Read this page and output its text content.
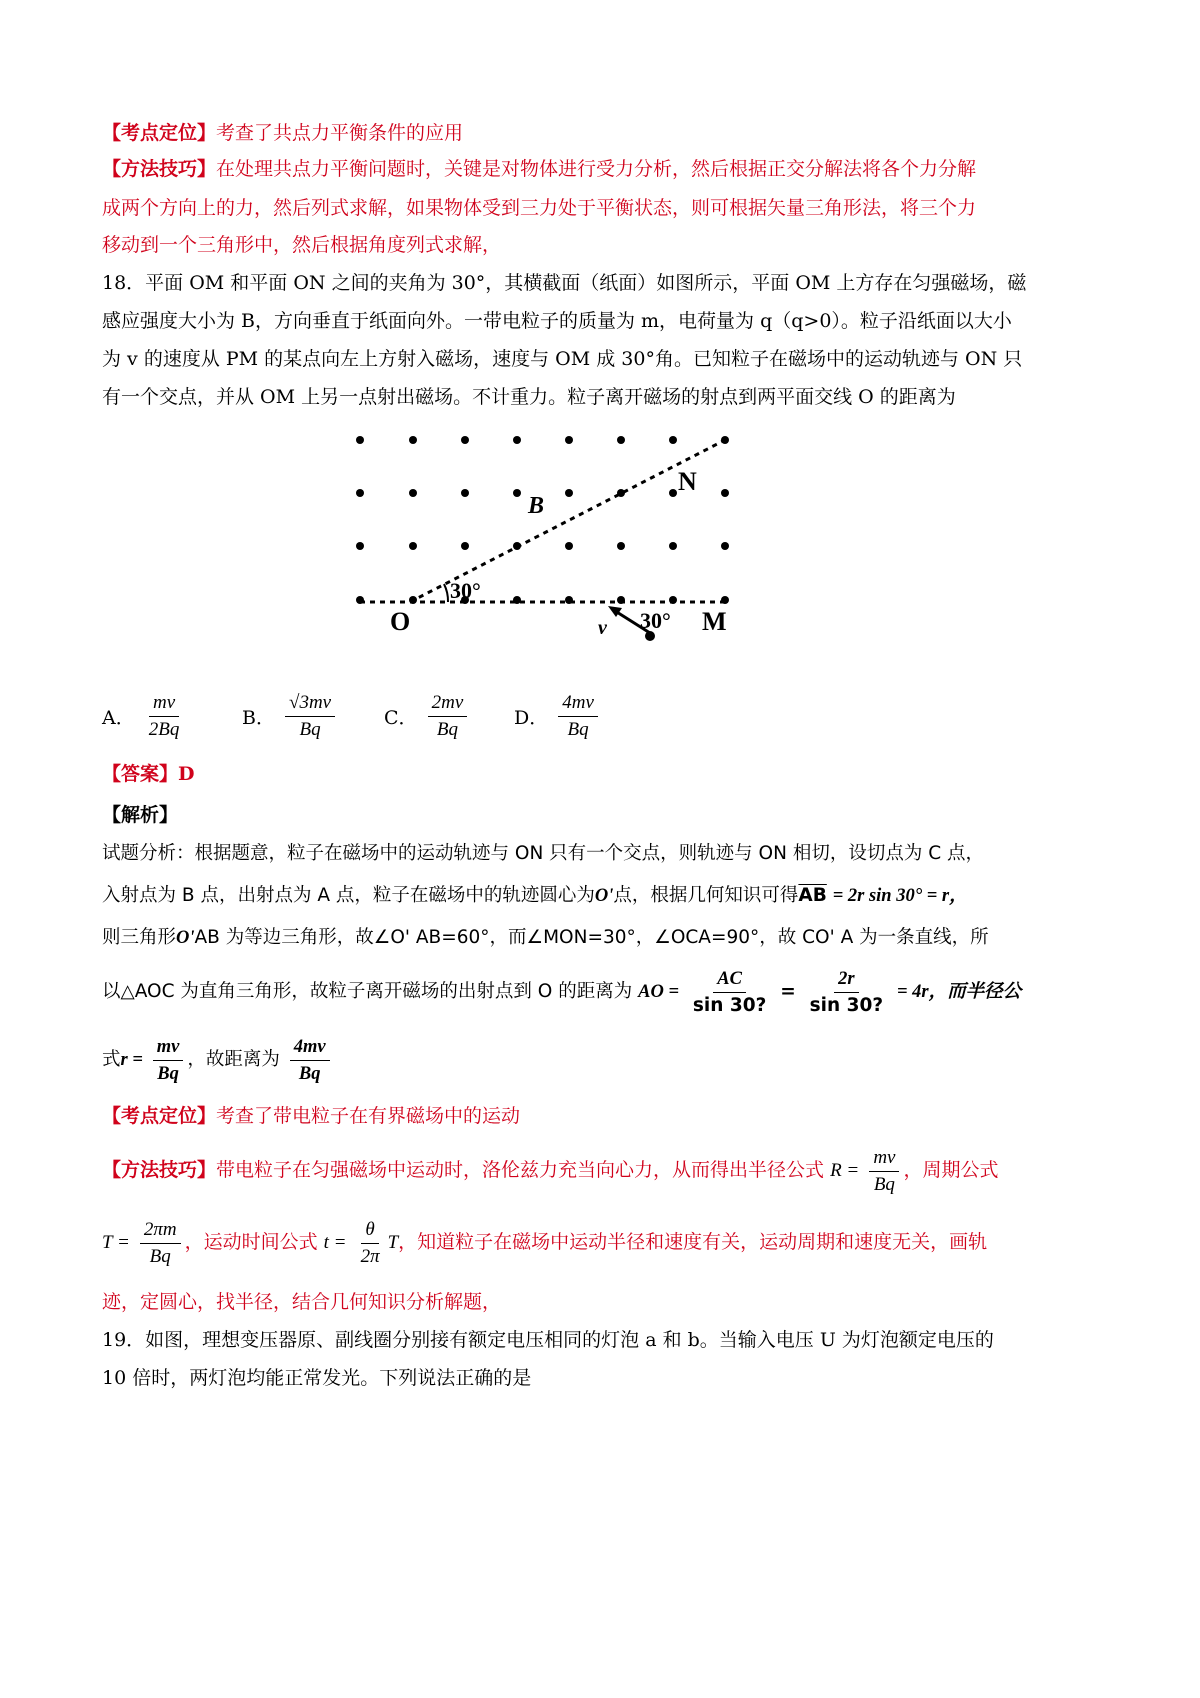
【考点定位】考查了共点力平衡条件的应用
【方法技巧】在处理共点力平衡问题时，关键是对物体进行受力分析，然后根据正交分解法将各个力分解
成两个方向上的力，然后列式求解，如果物体受到三力处于平衡状态，则可根据矢量三角形法，将三个力
移动到一个三角形中，然后根据角度列式求解，
18．平面 OM 和平面 ON 之间的夹角为 30°，其横截面（纸面）如图所示，平面 OM 上方存在匀强磁场，磁
感应强度大小为 B，方向垂直于纸面向外。一带电粒子的质量为 m，电荷量为 q（q>0）。粒子沿纸面以大小
为 v 的速度从 PM 的某点向左上方射入磁场，速度与 OM 成 30°角。已知粒子在磁场中的运动轨迹与 ON 只
有一个交点，并从 OM 上另一点射出磁场。不计重力。粒子离开磁场的射点到两平面交线 O 的距离为
B
N
O	M
v
30°
30°
A． $\frac{mv}{2Bq}$	B． $\frac{√3mv}{Bq}$	C． $\frac{2mv}{Bq}$ D． $\frac{4mv}{Bq}$
【答案】D
【解析】
试题分析：根据题意，粒子在磁场中的运动轨迹与 ON 只有一个交点，则轨迹与 ON 相切，设切点为 C 点，
入射点为 B 点，出射点为 A 点，粒子在磁场中的轨迹圆心为O'点，根据几何知识可得$\overline{AB} = 2r$ sin 30° = r，
则三角形O'AB 为等边三角形，故∠O' AB=60°，而∠MON=30°，∠OCA=90°，故 CO' A 为一条直线，所
以△AOC 为直角三角形，故粒子离开磁场的出射点到 O 的距离为 AO = $\frac{AC}{\sin 30?} = \frac{2r}{\sin 30?} = 4r$，而半径公
式$r = \frac{mv}{Bq}$ ，故距离为 $\frac{4mv}{Bq}$
【考点定位】考查了带电粒子在有界磁场中的运动
【方法技巧】带电粒子在匀强磁场中运动时，洛伦兹力充当向心力，从而得出半径公式 $R = \frac{mv}{Bq}$ ，周期公式
$T = \frac{2\pi m}{Bq}$ ，运动时间公式 $t = \frac{\theta}{2\pi}$ T，知道粒子在磁场中运动半径和速度有关，运动周期和速度无关，画轨
迹，定圆心，找半径，结合几何知识分析解题，
19．如图，理想变压器原、副线圈分别接有额定电压相同的灯泡 a 和 b。当输入电压 U 为灯泡额定电压的
10 倍时，两灯泡均能正常发光。下列说法正确的是
